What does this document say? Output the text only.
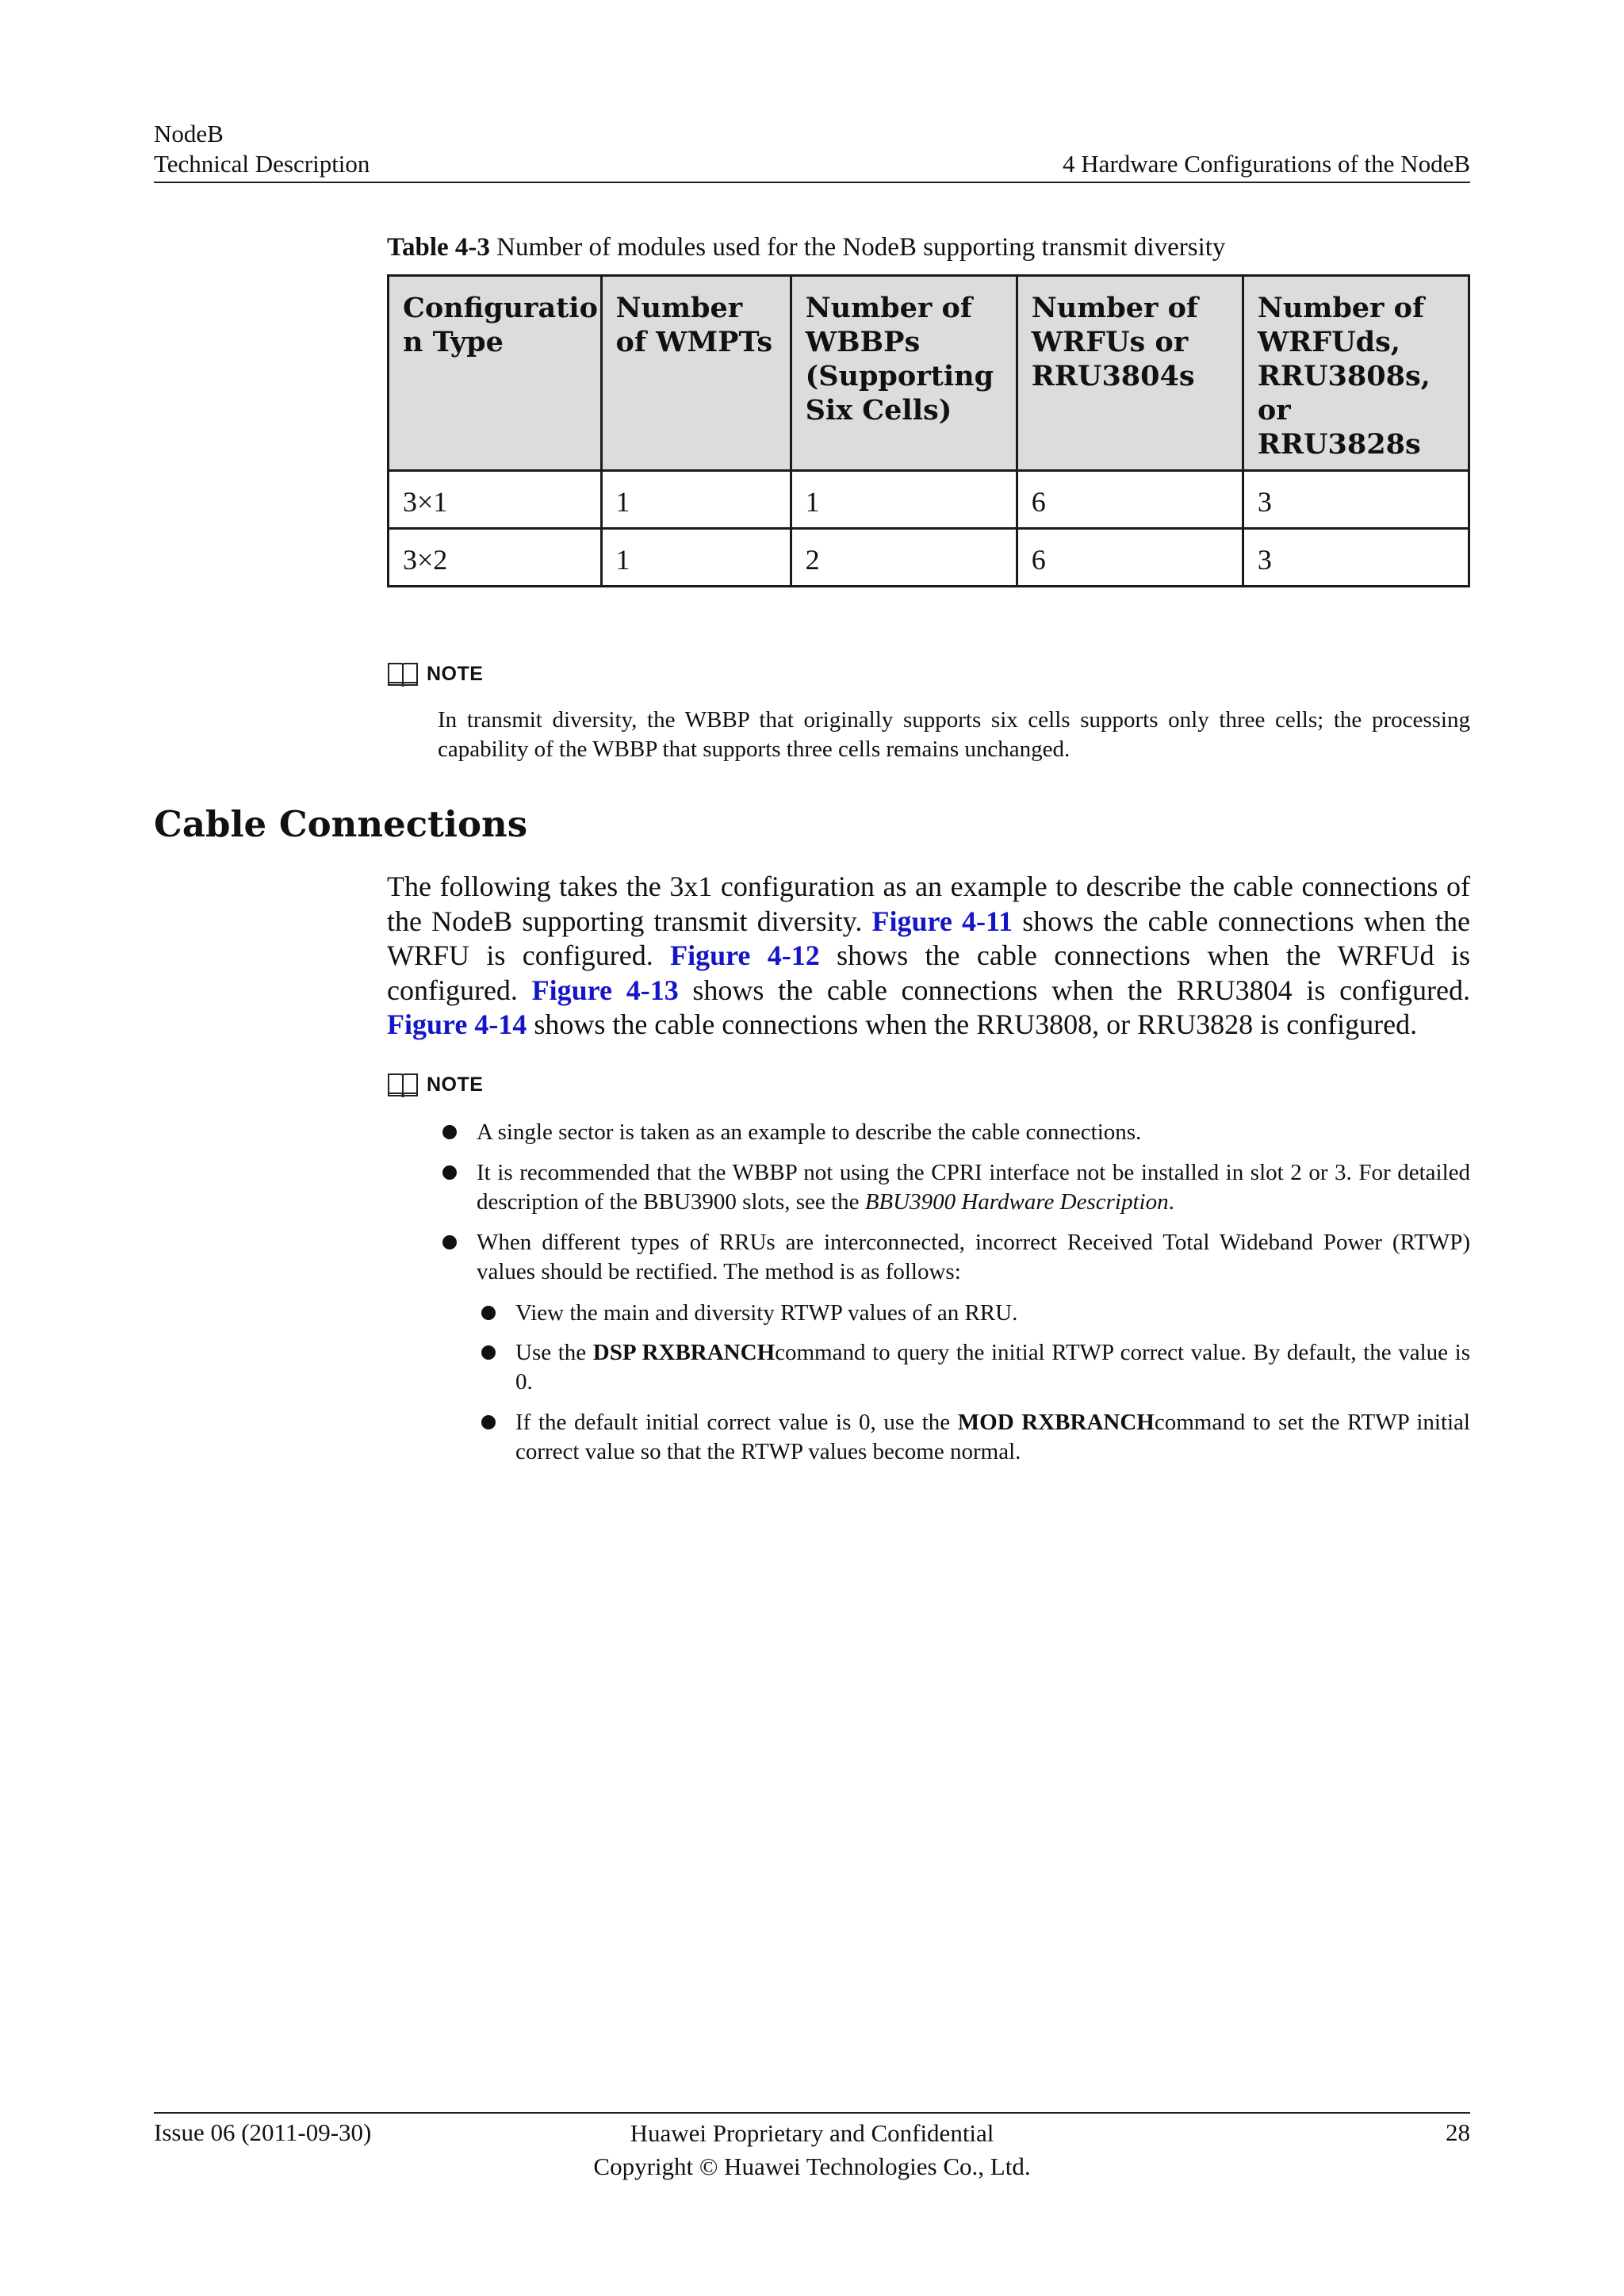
NodeB
Technical Description	4 Hardware Configurations of the NodeB
Table 4-3 Number of modules used for the NodeB supporting transmit diversity
Configuratio n Type	Number of WMPTs	Number of WBBPs (Supporting Six Cells)	Number of WRFUs or RRU3804s	Number of WRFUds, RRU3808s, or RRU3828s
3×1	1	1	6	3
3×2	1	2	6	3
NOTE
In transmit diversity, the WBBP that originally supports six cells supports only three cells; the processing capability of the WBBP that supports three cells remains unchanged.
Cable Connections
The following takes the 3x1 configuration as an example to describe the cable connections of the NodeB supporting transmit diversity. Figure 4-11 shows the cable connections when the WRFU is configured. Figure 4-12 shows the cable connections when the WRFUd is configured. Figure 4-13 shows the cable connections when the RRU3804 is configured. Figure 4-14 shows the cable connections when the RRU3808, or RRU3828 is configured.
NOTE
A single sector is taken as an example to describe the cable connections.
It is recommended that the WBBP not using the CPRI interface not be installed in slot 2 or 3. For detailed description of the BBU3900 slots, see the BBU3900 Hardware Description.
When different types of RRUs are interconnected, incorrect Received Total Wideband Power (RTWP) values should be rectified. The method is as follows:
View the main and diversity RTWP values of an RRU.
Use the DSP RXBRANCHcommand to query the initial RTWP correct value. By default, the value is 0.
If the default initial correct value is 0, use the MOD RXBRANCHcommand to set the RTWP initial correct value so that the RTWP values become normal.
Issue 06 (2011-09-30)	Huawei Proprietary and Confidential
Copyright © Huawei Technologies Co., Ltd.
28
